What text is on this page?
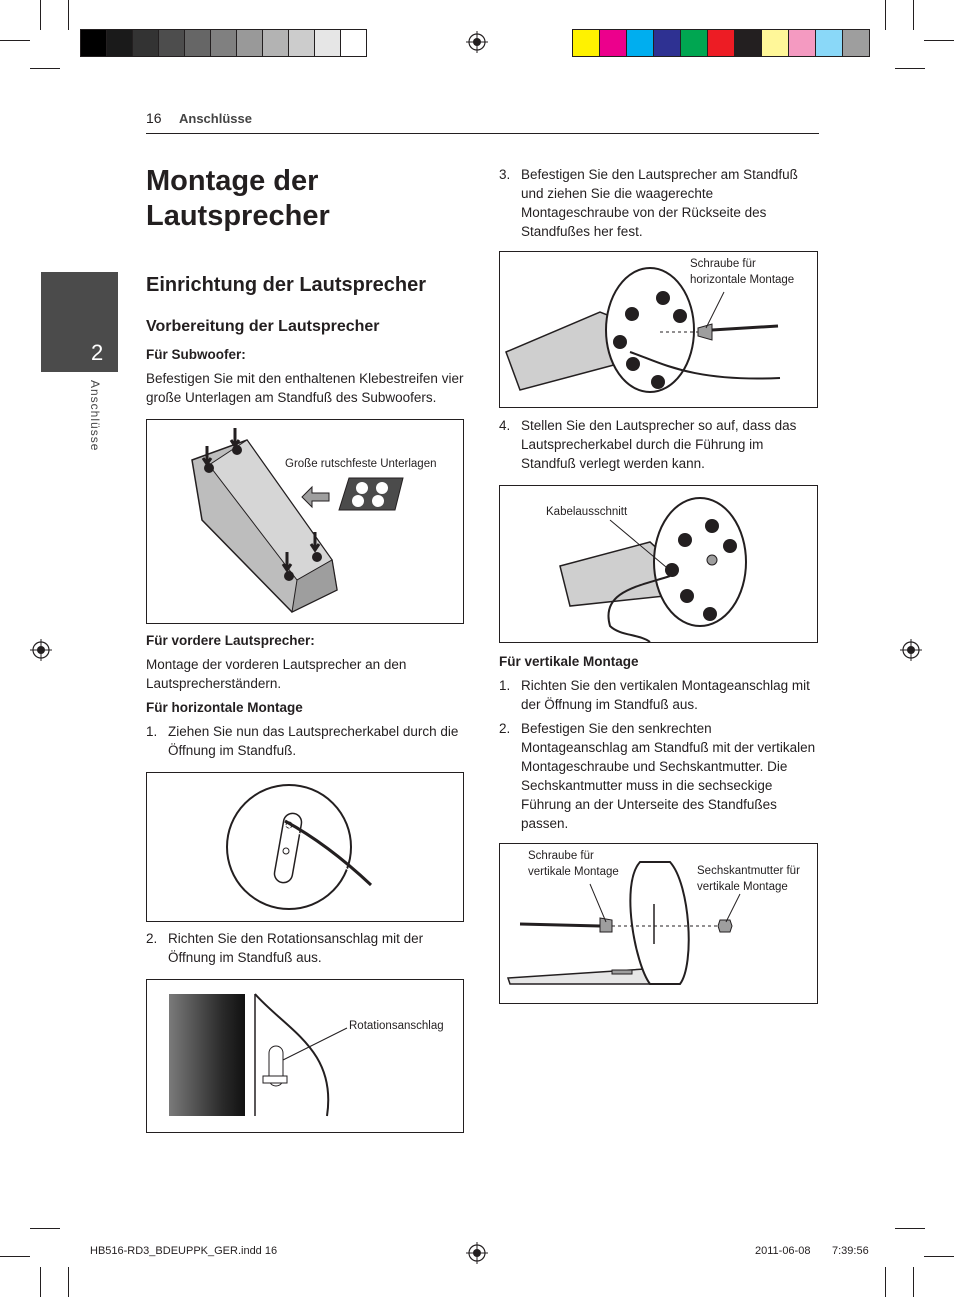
16 Anschlüsse
2
Anschlüsse
Montage der Lautsprecher
Einrichtung der Lautsprecher
Vorbereitung der Lautsprecher
Für Subwoofer:
Befestigen Sie mit den enthaltenen Klebestreifen vier große Unterlagen am Standfuß des Subwoofers.
Große rutschfeste Unterlagen
Für vordere Lautsprecher:
Montage der vorderen Lautsprecher an den Lautsprecherständern.
Für horizontale Montage
1. Ziehen Sie nun das Lautsprecherkabel durch die Öffnung im Standfuß.
2. Richten Sie den Rotationsanschlag mit der Öffnung im Standfuß aus.
Rotationsanschlag
3. Befestigen Sie den Lautsprecher am Standfuß und ziehen Sie die waagerechte Montageschraube von der Rückseite des Standfußes her fest.
Schraube für horizontale Montage
4. Stellen Sie den Lautsprecher so auf, dass das Lautsprecherkabel durch die Führung im Standfuß verlegt werden kann.
Kabelausschnitt
Für vertikale Montage
1. Richten Sie den vertikalen Montageanschlag mit der Öffnung im Standfuß aus.
2. Befestigen Sie den senkrechten Montageanschlag am Standfuß mit der vertikalen Montageschraube und Sechskantmutter. Die Sechskantmutter muss in die sechseckige Führung an der Unterseite des Standfußes passen.
Schraube für vertikale Montage	Sechskantmutter für vertikale Montage
HB516-RD3_BDEUPPK_GER.indd 16	2011-06-08 7:39:56
